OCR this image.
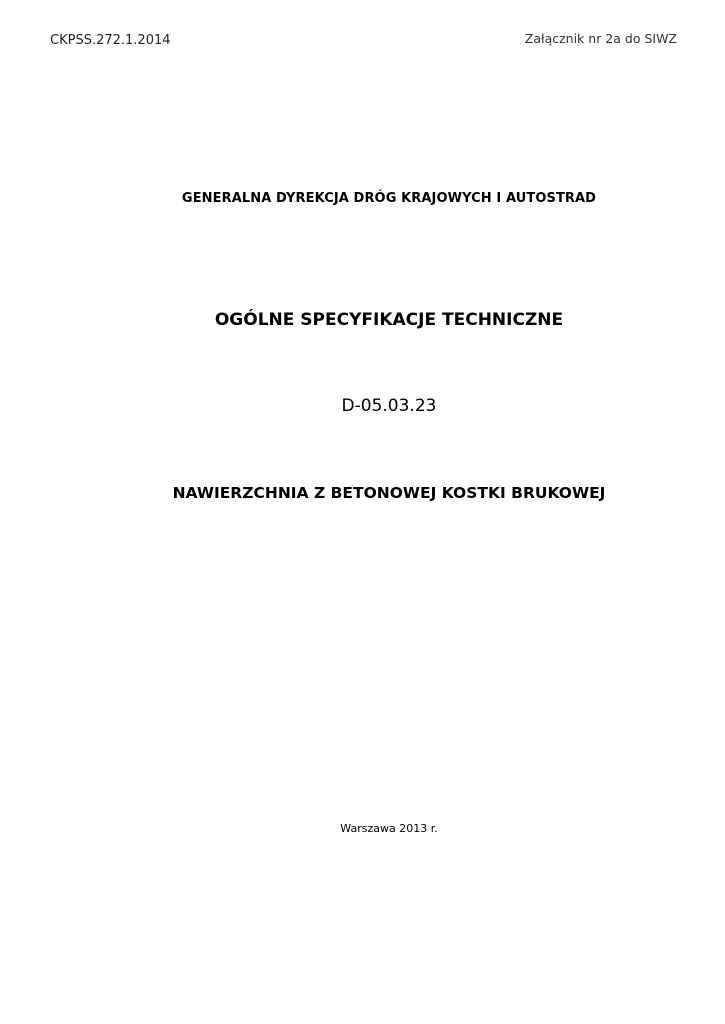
CKPSS.272.1.2014	Załącznik nr 2a do SIWZ
GENERALNA DYREKCJA DRÓG KRAJOWYCH I AUTOSTRAD
OGÓLNE SPECYFIKACJE TECHNICZNE
D-05.03.23
NAWIERZCHNIA Z BETONOWEJ KOSTKI BRUKOWEJ
Warszawa 2013 r.
